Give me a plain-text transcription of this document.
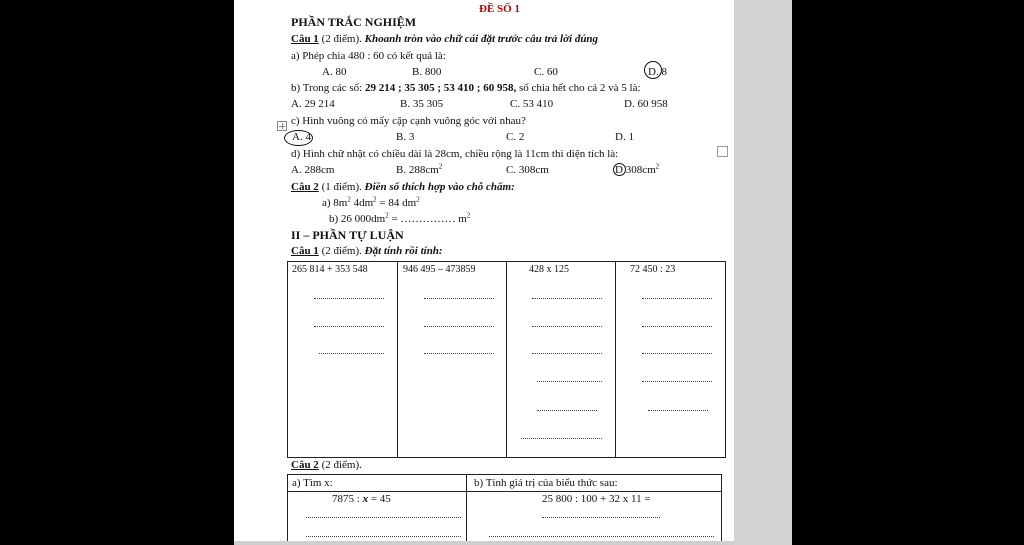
ĐỀ SỐ 1
PHẦN TRẮC NGHIỆM
Câu 1 (2 điểm). Khoanh tròn vào chữ cái đặt trước câu trả lời đúng
a) Phép chia 480 : 60 có kết quả là:
A. 80	B. 800	C. 60	D. 8
b) Trong các số: 29 214 ; 35 305 ; 53 410 ; 60 958, số chia hết cho cả 2 và 5 là:
A. 29 214	B. 35 305	C. 53 410	D. 60 958
c) Hình vuông có mấy cặp cạnh vuông góc với nhau?
A. 4	B. 3	C. 2	D. 1
d) Hình chữ nhật có chiều dài là 28cm, chiều rộng là 11cm thì diện tích là:
A. 288cm	B. $288cm^2$	C. 308cm	D $308cm^2$
Câu 2 (1 điểm). Điền số thích hợp vào chỗ chấm:
a) $8m^2$ $4dm^2 = 84$ $dm^2$
b) 26 $000dm^2$ = …………… $m^2$
II – PHẦN TỰ LUẬN
Câu 1 (2 điểm). Đặt tính rồi tính:
265 814 + 353 548	946 495 – 473859	428 x 125	72 450 : 23
Câu 2 (2 điểm).
a) Tìm x:	b) Tính giá trị của biểu thức sau:
7875 : x = 45	25 800 : 100 + 32 x 11 =
